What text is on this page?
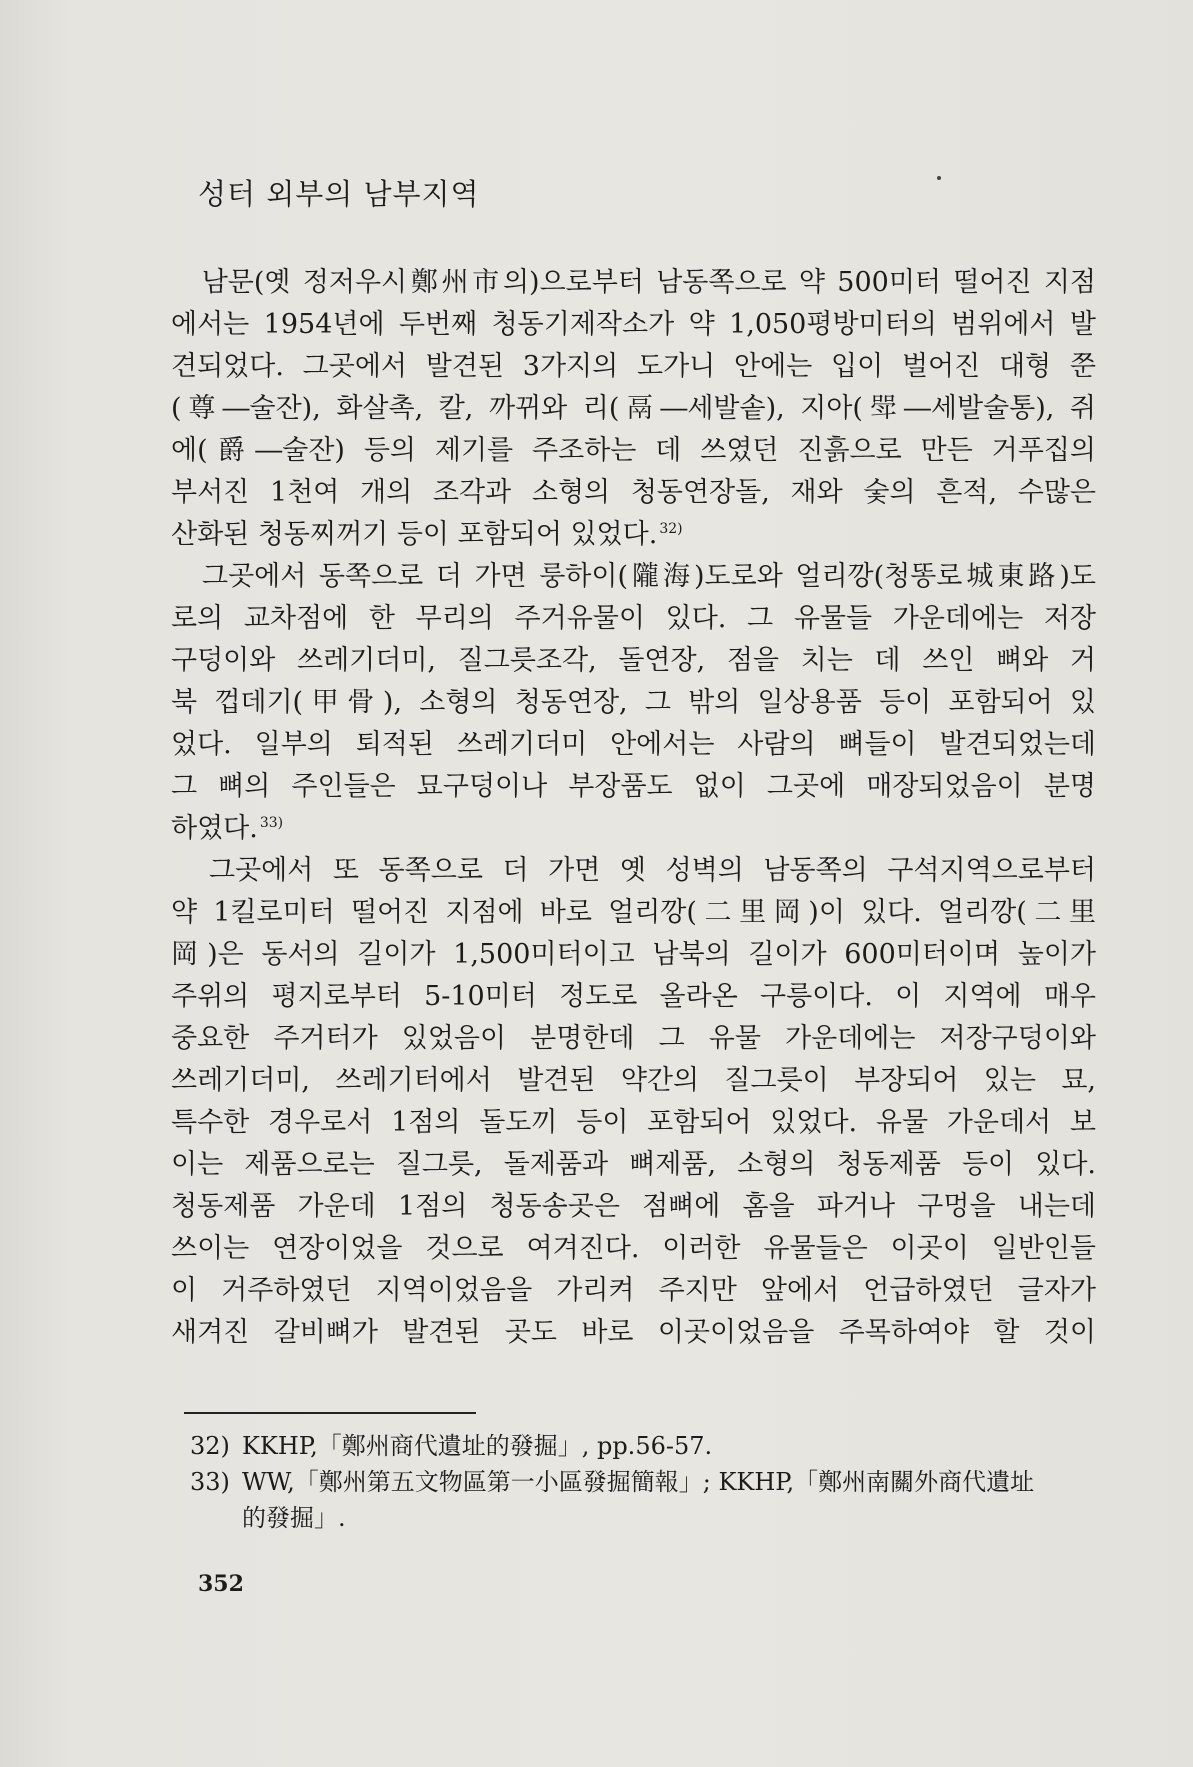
성터 외부의 남부지역
　남문(옛 정저우시鄭州市의)으로부터 남동쪽으로 약 500미터 떨어진 지점
에서는 1954년에 두번째 청동기제작소가 약 1,050평방미터의 범위에서 발
견되었다. 그곳에서 발견된 3가지의 도가니 안에는 입이 벌어진 대형 쭌
(尊―술잔), 화살촉, 칼, 까뀌와 리(鬲―세발솥), 지아(斝―세발술통), 쥐
에(爵―술잔) 등의 제기를 주조하는 데 쓰였던 진흙으로 만든 거푸집의
부서진 1천여 개의 조각과 소형의 청동연장돌, 재와 숯의 흔적, 수많은
산화된 청동찌꺼기 등이 포함되어 있었다. $^{32)}$
　그곳에서 동쪽으로 더 가면 룽하이(隴海)도로와 얼리깡(청똥로城東路)도
로의 교차점에 한 무리의 주거유물이 있다. 그 유물들 가운데에는 저장
구덩이와 쓰레기더미, 질그릇조각, 돌연장, 점을 치는 데 쓰인 뼈와 거
북 껍데기(甲骨), 소형의 청동연장, 그 밖의 일상용품 등이 포함되어 있
었다. 일부의 퇴적된 쓰레기더미 안에서는 사람의 뼈들이 발견되었는데
그 뼈의 주인들은 묘구덩이나 부장품도 없이 그곳에 매장되었음이 분명
하였다. $^{33)}$
　그곳에서 또 동쪽으로 더 가면 옛 성벽의 남동쪽의 구석지역으로부터
약 1킬로미터 떨어진 지점에 바로 얼리깡(二里岡)이 있다. 얼리깡(二里
岡)은 동서의 길이가 1,500미터이고 남북의 길이가 600미터이며 높이가
주위의 평지로부터 5-10미터 정도로 올라온 구릉이다. 이 지역에 매우
중요한 주거터가 있었음이 분명한데 그 유물 가운데에는 저장구덩이와
쓰레기더미, 쓰레기터에서 발견된 약간의 질그릇이 부장되어 있는 묘,
특수한 경우로서 1점의 돌도끼 등이 포함되어 있었다. 유물 가운데서 보
이는 제품으로는 질그릇, 돌제품과 뼈제품, 소형의 청동제품 등이 있다.
청동제품 가운데 1점의 청동송곳은 점뼈에 홈을 파거나 구멍을 내는데
쓰이는 연장이었을 것으로 여겨진다. 이러한 유물들은 이곳이 일반인들
이 거주하였던 지역이었음을 가리켜 주지만 앞에서 언급하였던 글자가
새겨진 갈비뼈가 발견된 곳도 바로 이곳이었음을 주목하여야 할 것이
32) KKHP,「鄭州商代遺址的發掘」, pp.56-57.
33) WW,「鄭州第五文物區第一小區發掘簡報」; KKHP,「鄭州南關外商代遺址
的發掘」.
352
